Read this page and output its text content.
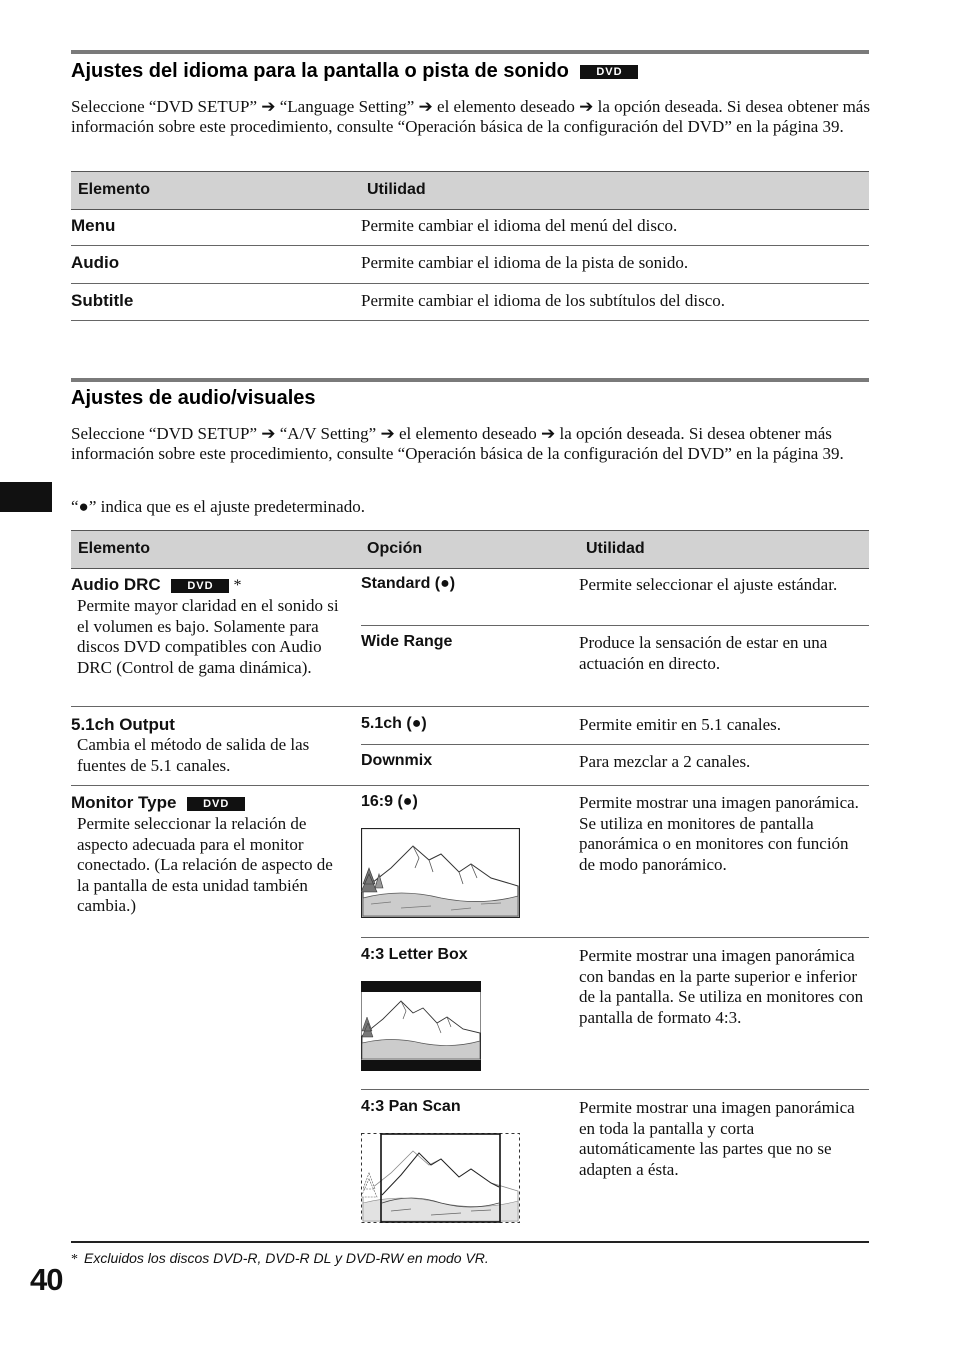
Ajustes del idioma para la pantalla o pista de sonido DVD

Seleccione “DVD SETUP” ➔ “Language Setting” ➔ el elemento deseado ➔ la opción deseada. Si desea obtener más información sobre este procedimiento, consulte “Operación básica de la configuración del DVD” en la página 39.

Elemento	Utilidad
Menu	Permite cambiar el idioma del menú del disco.

Audio	Permite cambiar el idioma de la pista de sonido.

Subtitle	Permite cambiar el idioma de los subtítulos del disco.

Ajustes de audio/visuales

Seleccione “DVD SETUP” ➔ “A/V Setting” ➔ el elemento deseado ➔ la opción deseada. Si desea obtener más información sobre este procedimiento, consulte “Operación básica de la configuración del DVD” en la página 39.

“●” indica que es el ajuste predeterminado.

Elemento	Opción	Utilidad
Audio DRC DVD *

Permite mayor claridad en el sonido si el volumen es bajo. Solamente para discos DVD compatibles con Audio DRC (Control de gama dinámica).

Standard (●)	Permite seleccionar el ajuste estándar.

Wide Range	Produce la sensación de estar en una actuación en directo.

5.1ch Output

Cambia el método de salida de las fuentes de 5.1 canales.

5.1ch (●)	Permite emitir en 5.1 canales.

Downmix	Para mezclar a 2 canales.

Monitor Type DVD

Permite seleccionar la relación de aspecto adecuada para el monitor conectado. (La relación de aspecto de la pantalla de esta unidad también cambia.)

16:9 (●)	Permite mostrar una imagen panorámica. Se utiliza en monitores de pantalla panorámica o en monitores con función de modo panorámico.

4:3 Letter Box	Permite mostrar una imagen panorámica con bandas en la parte superior e inferior de la pantalla. Se utiliza en monitores con pantalla de formato 4:3.

4:3 Pan Scan	Permite mostrar una imagen panorámica en toda la pantalla y corta automáticamente las partes que no se adapten a ésta.

* Excluidos los discos DVD-R, DVD-R DL y DVD-RW en modo VR.
40
